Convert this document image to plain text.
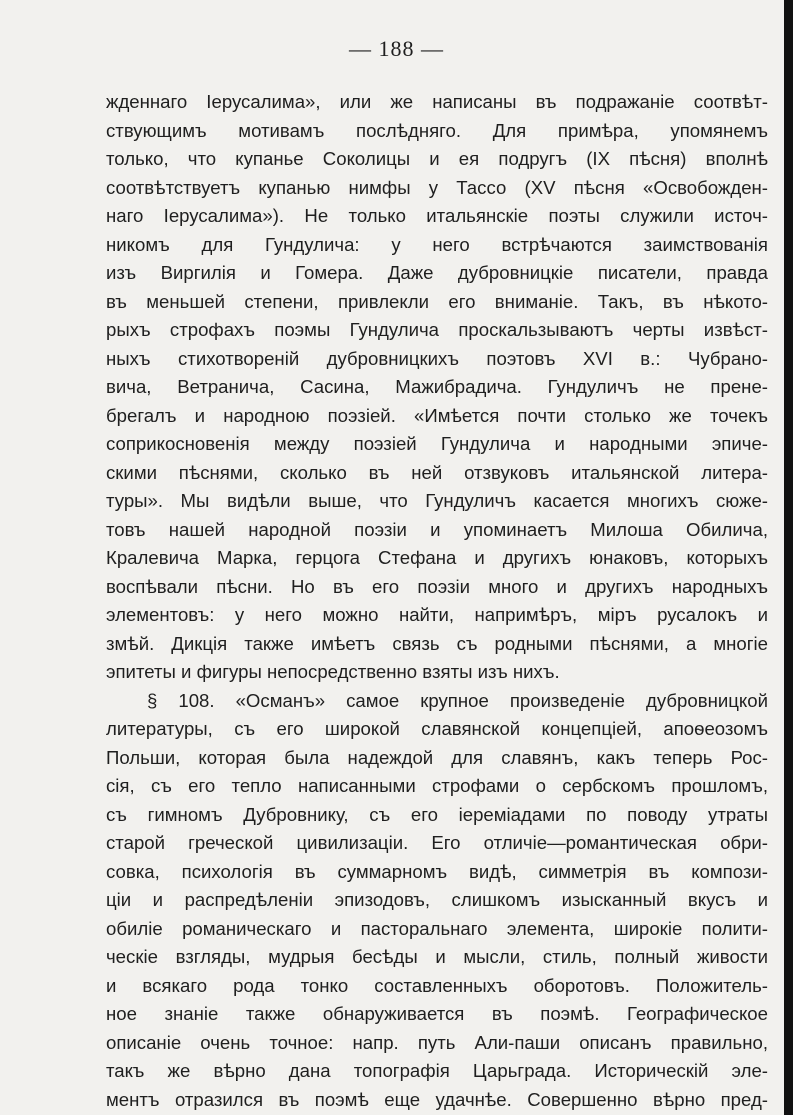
— 188 —
жденнаго Іерусалима», или же написаны въ подражаніе соотвѣт-
ствующимъ мотивамъ послѣдняго. Для примѣра, упомянемъ
только, что купанье Соколицы и ея подругъ (IX пѣсня) вполнѣ
соотвѣтствуетъ купанью нимфы у Тассо (XV пѣсня «Освобожден-
наго Іерусалима»). Не только итальянскіе поэты служили источ-
никомъ для Гундулича: у него встрѣчаются заимствованія
изъ Виргилія и Гомера. Даже дубровницкіе писатели, правда
въ меньшей степени, привлекли его вниманіе. Такъ, въ нѣкото-
рыхъ строфахъ поэмы Гундулича проскальзываютъ черты извѣст-
ныхъ стихотвореній дубровницкихъ поэтовъ XVI в.: Чубрано-
вича, Ветранича, Сасина, Мажибрадича. Гундуличъ не прене-
брегалъ и народною поэзіей. «Имѣется почти столько же точекъ
соприкосновенія между поэзіей Гундулича и народными эпиче-
скими пѣснями, сколько въ ней отзвуковъ итальянской литера-
туры». Мы видѣли выше, что Гундуличъ касается многихъ сюже-
товъ нашей народной поэзіи и упоминаетъ Милоша Обилича,
Кралевича Марка, герцога Стефана и другихъ юнаковъ, которыхъ
воспѣвали пѣсни. Но въ его поэзіи много и другихъ народныхъ
элементовъ: у него можно найти, напримѣръ, міръ русалокъ и
змѣй. Дикція также имѣетъ связь съ родными пѣснями, а многіе
эпитеты и фигуры непосредственно взяты изъ нихъ.
§ 108. «Османъ» самое крупное произведеніе дубровницкой
литературы, съ его широкой славянской концепціей, апоѳеозомъ
Польши, которая была надеждой для славянъ, какъ теперь Рос-
сія, съ его тепло написанными строфами о сербскомъ прошломъ,
съ гимномъ Дубровнику, съ его іеремiадами по поводу утраты
старой греческой цивилизаціи. Его отличіе—романтическая обри-
совка, психологія въ суммарномъ видѣ, симметрія въ компози-
ціи и распредѣленіи эпизодовъ, слишкомъ изысканный вкусъ и
обиліе романическаго и пасторальнаго элемента, широкіе полити-
ческіе взгляды, мудрыя бесѣды и мысли, стиль, полный живости
и всякаго рода тонко составленныхъ оборотовъ. Положитель-
ное знаніе также обнаруживается въ поэмѣ. Географическое
описаніе очень точное: напр. путь Али-паши описанъ правильно,
такъ же вѣрно дана топографія Царьграда. Историческій эле-
ментъ отразился въ поэмѣ еще удачнѣе. Совершенно вѣрно пред-
